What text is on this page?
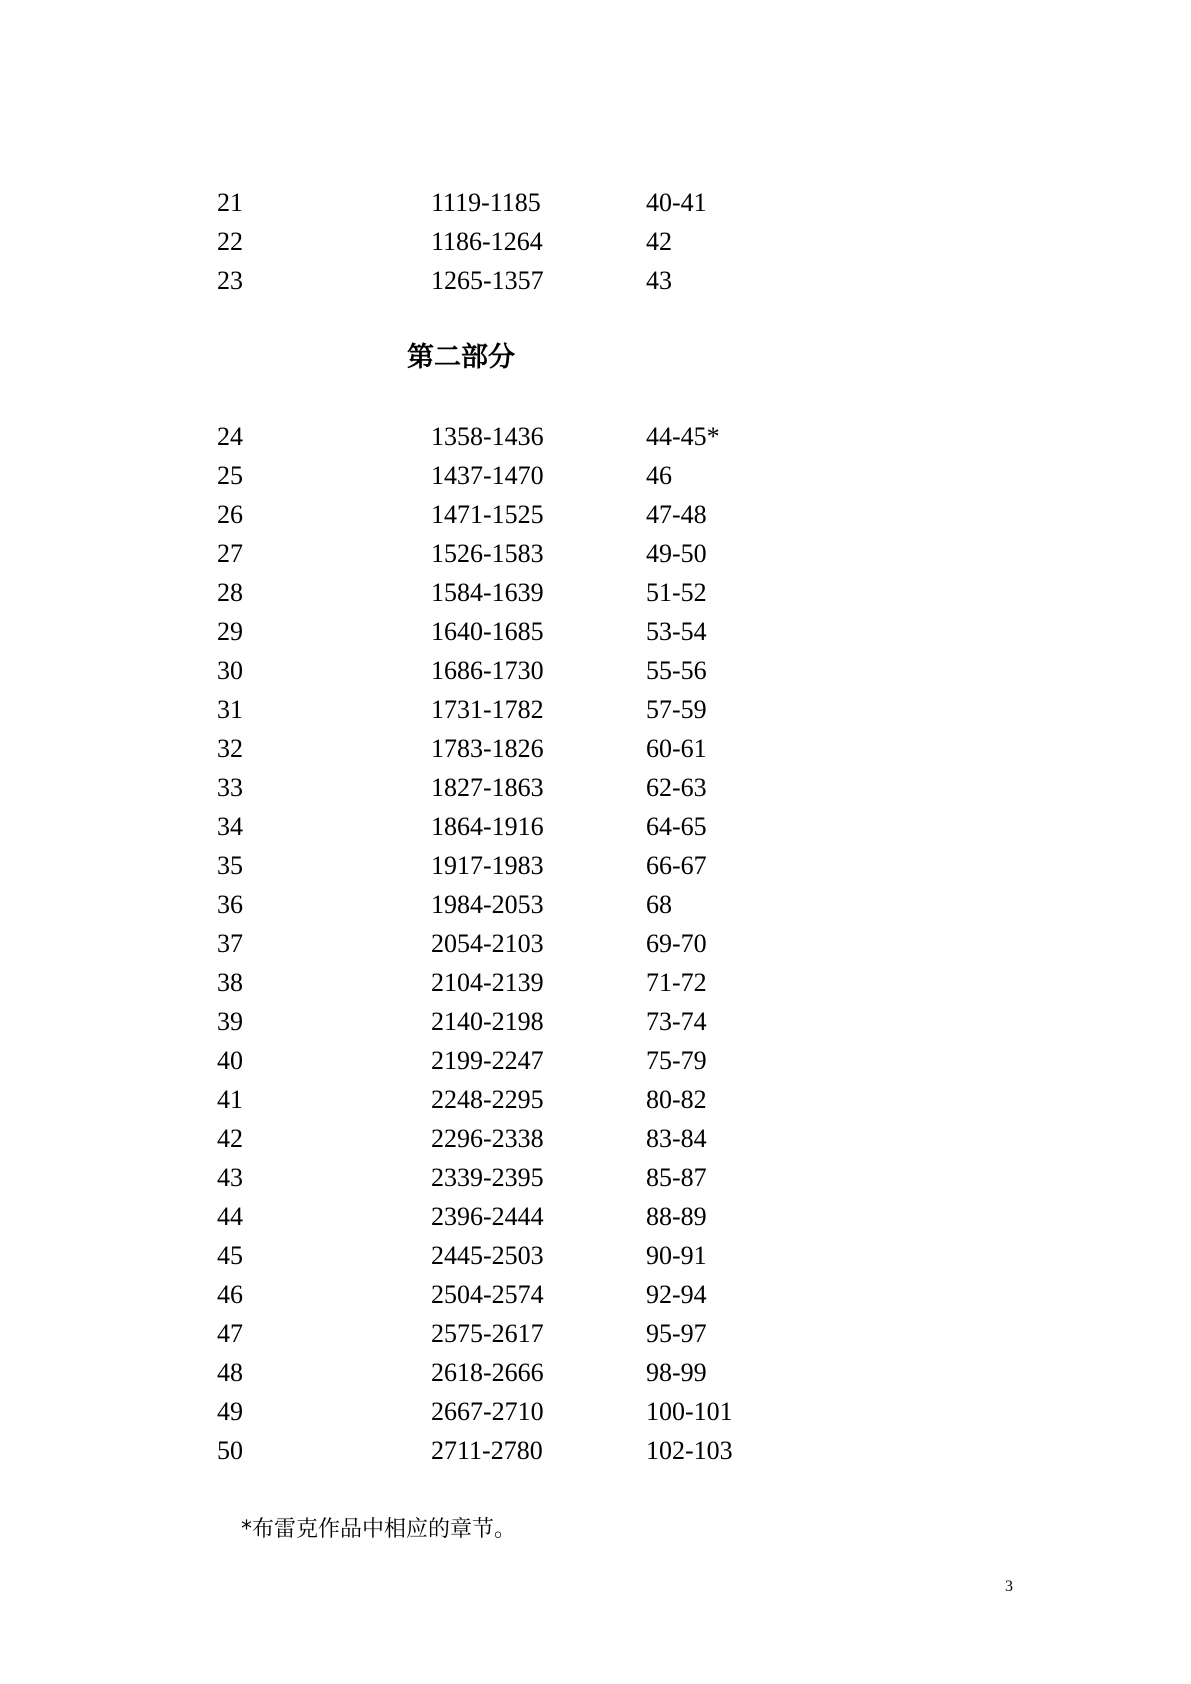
21	1119-1185	40-41
22	1186-1264	42
23	1265-1357	43
第二部分
24	1358-1436	44-45*
25	1437-1470	46
26	1471-1525	47-48
27	1526-1583	49-50
28	1584-1639	51-52
29	1640-1685	53-54
30	1686-1730	55-56
31	1731-1782	57-59
32	1783-1826	60-61
33	1827-1863	62-63
34	1864-1916	64-65
35	1917-1983	66-67
36	1984-2053	68
37	2054-2103	69-70
38	2104-2139	71-72
39	2140-2198	73-74
40	2199-2247	75-79
41	2248-2295	80-82
42	2296-2338	83-84
43	2339-2395	85-87
44	2396-2444	88-89
45	2445-2503	90-91
46	2504-2574	92-94
47	2575-2617	95-97
48	2618-2666	98-99
49	2667-2710	100-101
50	2711-2780	102-103
*布雷克作品中相应的章节。
3
